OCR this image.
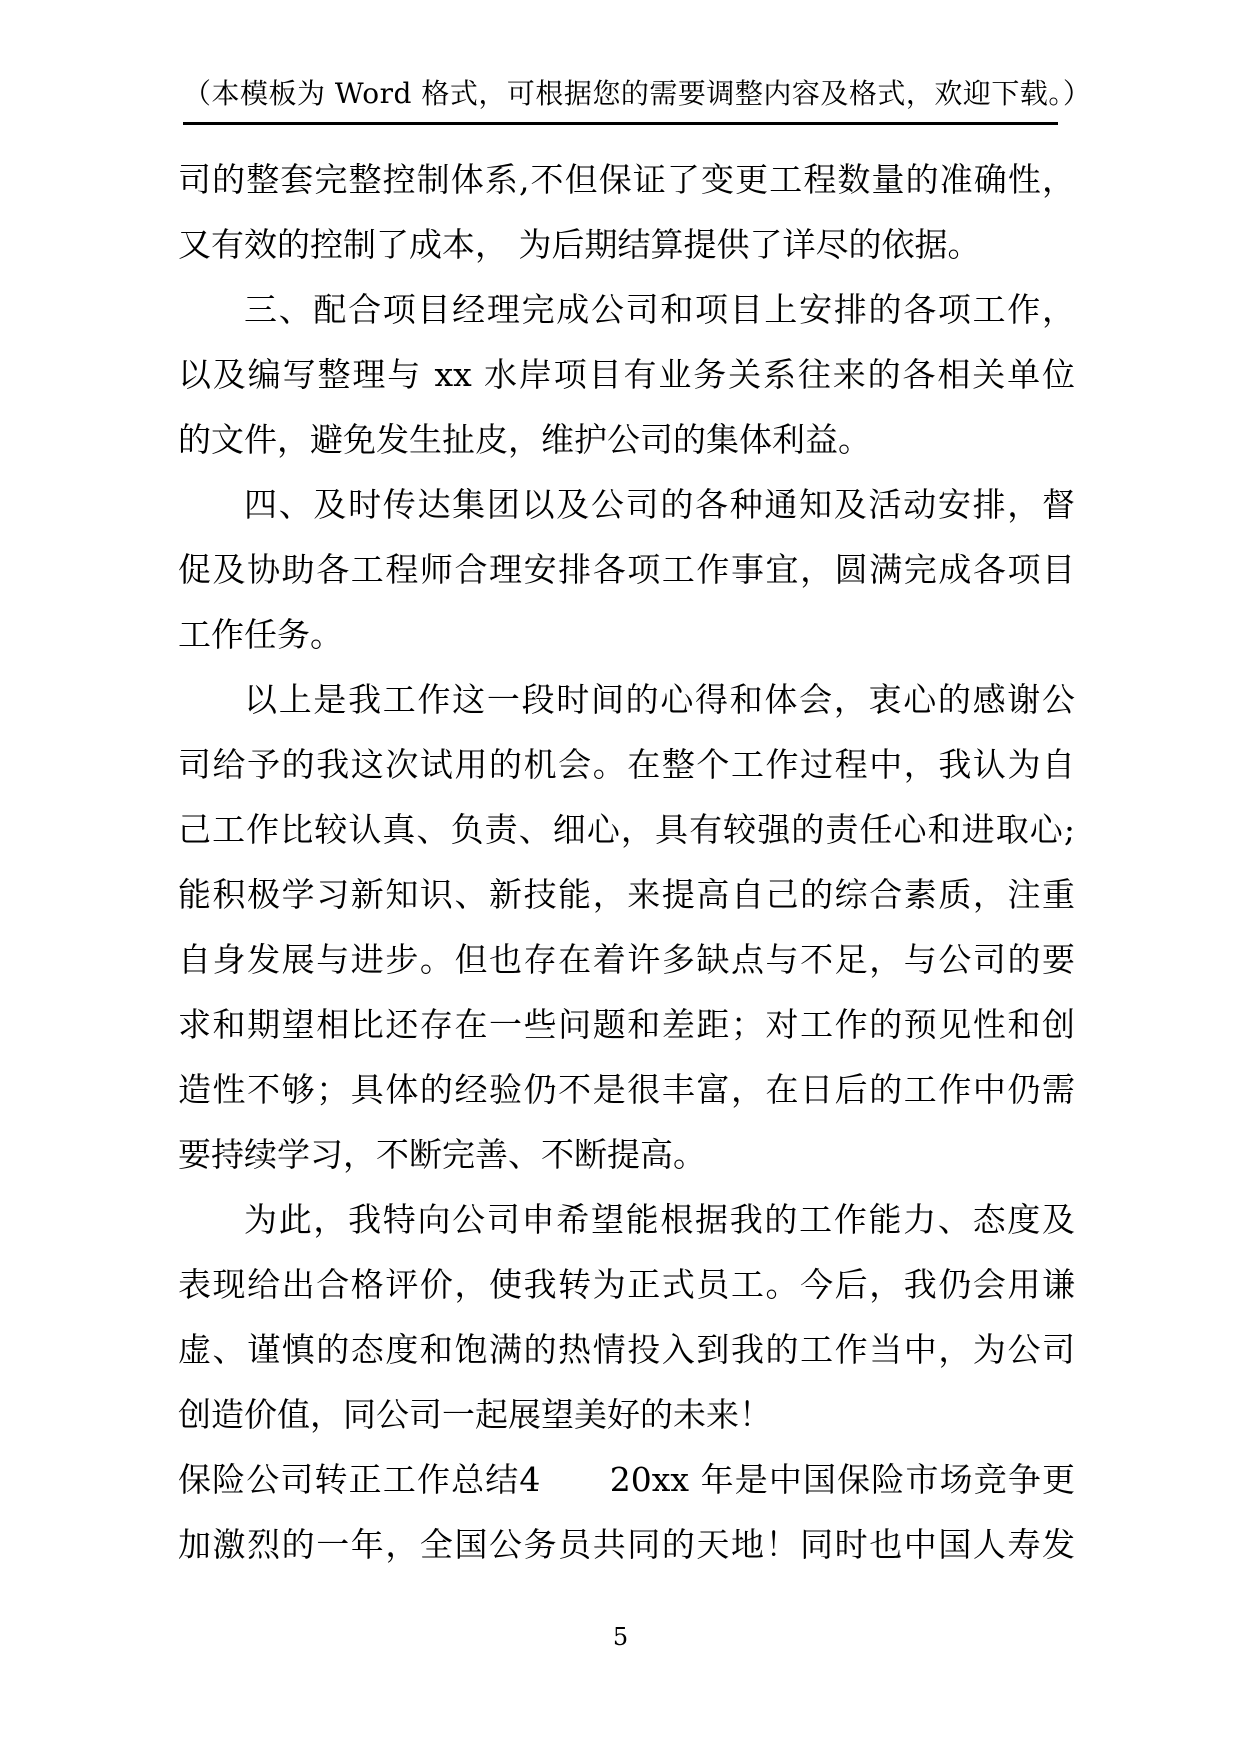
（本模板为 Word 格式，可根据您的需要调整内容及格式，欢迎下载。）
司的整套完整控制体系,不但保证了变更工程数量的准确性，
又有效的控制了成本， 为后期结算提供了详尽的依据。
三、配合项目经理完成公司和项目上安排的各项工作，
以及编写整理与 xx 水岸项目有业务关系往来的各相关单位
的文件，避免发生扯皮，维护公司的集体利益。
四、及时传达集团以及公司的各种通知及活动安排，督
促及协助各工程师合理安排各项工作事宜，圆满完成各项目
工作任务。
以上是我工作这一段时间的心得和体会，衷心的感谢公
司给予的我这次试用的机会。在整个工作过程中，我认为自
己工作比较认真、负责、细心，具有较强的责任心和进取心;
能积极学习新知识、新技能，来提高自己的综合素质，注重
自身发展与进步。但也存在着许多缺点与不足，与公司的要
求和期望相比还存在一些问题和差距；对工作的预见性和创
造性不够；具体的经验仍不是很丰富，在日后的工作中仍需
要持续学习，不断完善、不断提高。
为此，我特向公司申希望能根据我的工作能力、态度及
表现给出合格评价，使我转为正式员工。今后，我仍会用谦
虚、谨慎的态度和饱满的热情投入到我的工作当中，为公司
创造价值，同公司一起展望美好的未来！
保险公司转正工作总结4　　20xx 年是中国保险市场竞争更
加激烈的一年，全国公务员共同的天地！同时也中国人寿发
5
